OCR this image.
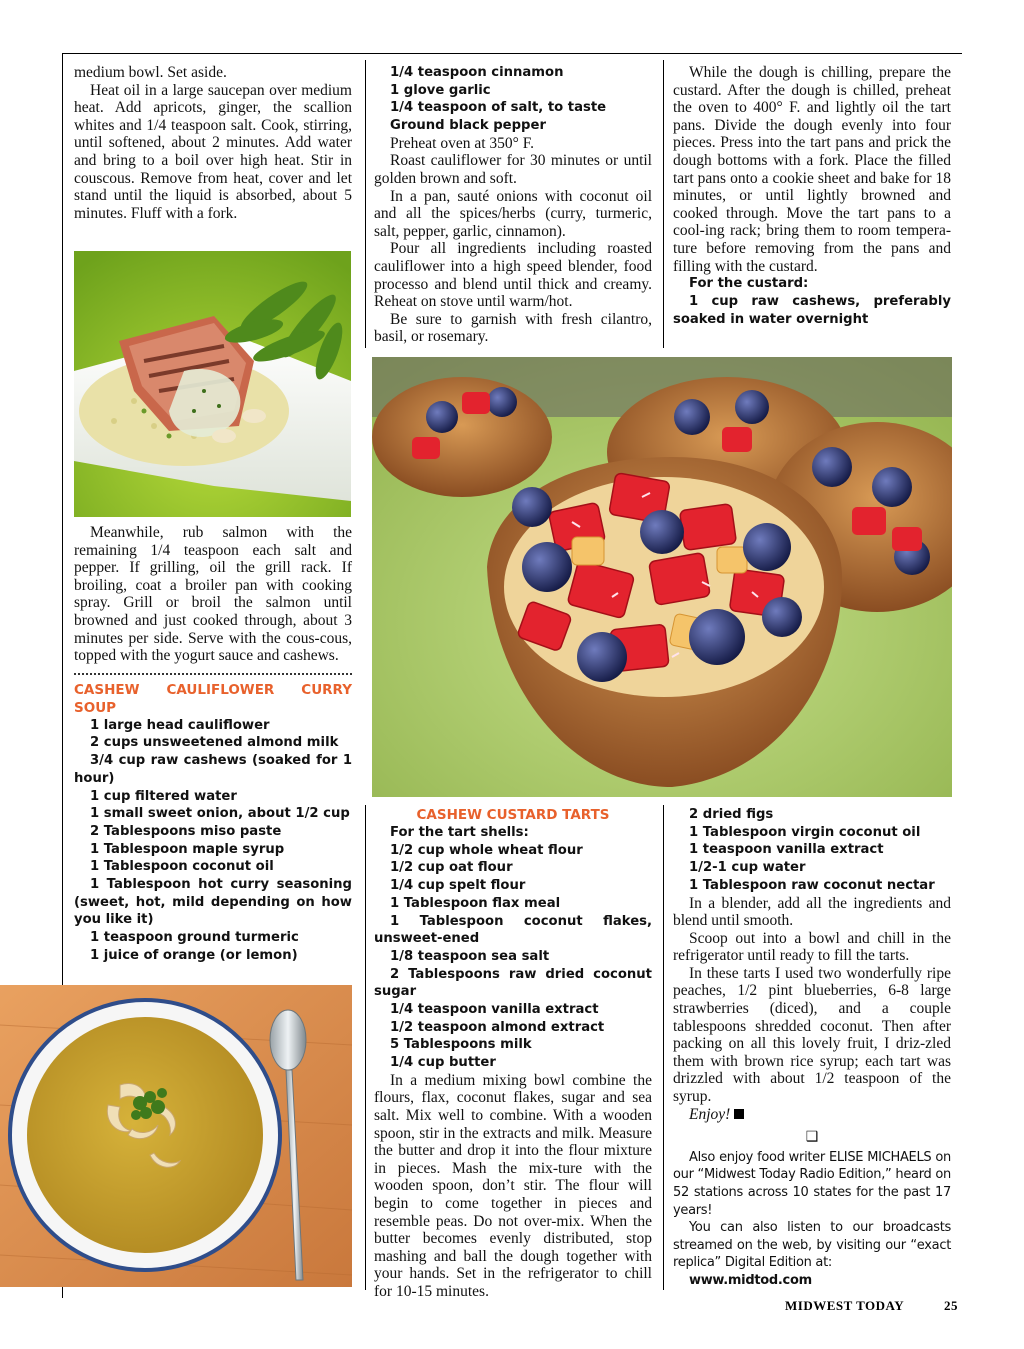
medium bowl. Set aside.

Heat oil in a large saucepan over medium heat. Add apricots, ginger, the scallion whites and 1/4 teaspoon salt. Cook, stirring, until softened, about 2 minutes. Add water and bring to a boil over high heat. Stir in couscous. Remove from heat, cover and let stand until the liquid is absorbed, about 5 minutes. Fluff with a fork.

Meanwhile, rub salmon with the remaining 1/4 teaspoon each salt and pepper. If grilling, oil the grill rack. If broiling, coat a broiler pan with cooking spray. Grill or broil the salmon until browned and just cooked through, about 3 minutes per side. Serve with the cous-cous, topped with the yogurt sauce and cashews.

CASHEW CAULIFLOWER CURRY SOUP

1 large head cauliflower

2 cups unsweetened almond milk

3/4 cup raw cashews (soaked for 1 hour)

1 cup filtered water

1 small sweet onion, about 1/2 cup

2 Tablespoons miso paste

1 Tablespoon maple syrup

1 Tablespoon coconut oil

1 Tablespoon hot curry seasoning (sweet, hot, mild depending on how you like it)

1 teaspoon ground turmeric

1 juice of orange (or lemon)

1/4 teaspoon cinnamon

1 glove garlic

1/4 teaspoon of salt, to taste

Ground black pepper

Preheat oven at 350° F.

Roast cauliflower for 30 minutes or until golden brown and soft.

In a pan, sauté onions with coconut oil and all the spices/herbs (curry, turmeric, salt, pepper, garlic, cinnamon).

Pour all ingredients including roasted cauliflower into a high speed blender, food processo and blend until thick and creamy. Reheat on stove until warm/hot.

Be sure to garnish with fresh cilantro, basil, or rosemary.

While the dough is chilling, prepare the custard. After the dough is chilled, preheat the oven to 400° F. and lightly oil the tart pans. Divide the dough evenly into four pieces. Press into the tart pans and prick the dough bottoms with a fork. Place the filled tart pans onto a cookie sheet and bake for 18 minutes, or until lightly browned and cooked through. Move the tart pans to a cool-ing rack; bring them to room tempera-ture before removing from the pans and filling with the custard.

For the custard:

1 cup raw cashews, preferably soaked in water overnight

CASHEW CUSTARD TARTS

For the tart shells:

1/2 cup whole wheat flour

1/2 cup oat flour

1/4 cup spelt flour

1 Tablespoon flax meal

1 Tablespoon coconut flakes, unsweet-ened

1/8 teaspoon sea salt

2 Tablespoons raw dried coconut sugar

1/4 teaspoon vanilla extract

1/2 teaspoon almond extract

5 Tablespoons milk

1/4 cup butter

In a medium mixing bowl combine the flours, flax, coconut flakes, sugar and sea salt. Mix well to combine. With a wooden spoon, stir in the extracts and milk. Measure the butter and drop it into the flour mixture in pieces. Mash the mix-ture with the wooden spoon, don’t stir. The flour will begin to come together in pieces and resemble peas. Do not over-mix. When the butter becomes evenly distributed, stop mashing and ball the dough together with your hands. Set in the refrigerator to chill for 10-15 minutes.

2 dried figs

1 Tablespoon virgin coconut oil

1 teaspoon vanilla extract

1/2-1 cup water

1 Tablespoon raw coconut nectar

In a blender, add all the ingredients and blend until smooth.

Scoop out into a bowl and chill in the refrigerator until ready to fill the tarts.

In these tarts I used two wonderfully ripe peaches, 1/2 pint blueberries, 6-8 large strawberries (diced), and a couple tablespoons shredded coconut. Then after packing on all this lovely fruit, I driz-zled them with brown rice syrup; each tart was drizzled with about 1/2 teaspoon of the syrup.

Enjoy!

❑

Also enjoy food writer ELISE MICHAELS on our “Midwest Today Radio Edition,” heard on 52 stations across 10 states for the past 17 years!

You can also listen to our broadcasts streamed on the web, by visiting our “exact replica” Digital Edition at:

www.midtod.com

MIDWEST TODAY	25
